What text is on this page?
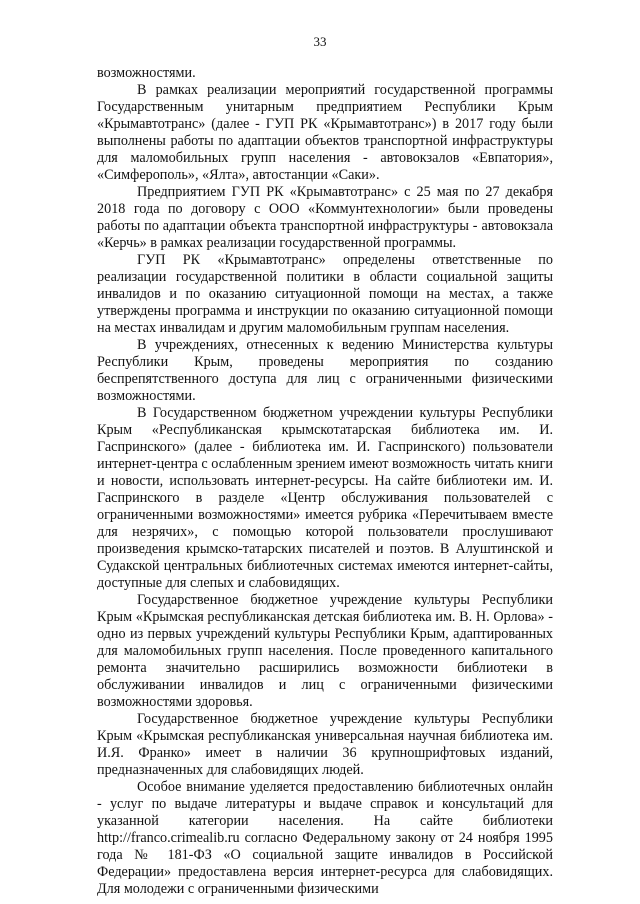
33

возможностями.

В рамках реализации мероприятий государственной программы Государственным унитарным предприятием Республики Крым «Крымавтотранс» (далее - ГУП РК «Крымавтотранс») в 2017 году были выполнены работы по адаптации объектов транспортной инфраструктуры для маломобильных групп населения - автовокзалов «Евпатория», «Симферополь», «Ялта», автостанции «Саки».

Предприятием ГУП РК «Крымавтотранс» с 25 мая по 27 декабря 2018 года по договору с ООО «Коммунтехнологии» были проведены работы по адаптации объекта транспортной инфраструктуры - автовокзала «Керчь» в рамках реализации государственной программы.

ГУП РК «Крымавтотранс» определены ответственные по реализации государственной политики в области социальной защиты инвалидов и по оказанию ситуационной помощи на местах, а также утверждены программа и инструкции по оказанию ситуационной помощи на местах инвалидам и другим маломобильным группам населения.

В учреждениях, отнесенных к ведению Министерства культуры Республики Крым, проведены мероприятия по созданию беспрепятственного доступа для лиц с ограниченными физическими возможностями.

В Государственном бюджетном учреждении культуры Республики Крым «Республиканская крымскотатарская библиотека им. И. Гаспринского» (далее - библиотека им. И. Гаспринского) пользователи интернет-центра с ослабленным зрением имеют возможность читать книги и новости, использовать интернет-ресурсы. На сайте библиотеки им. И. Гаспринского в разделе «Центр обслуживания пользователей с ограниченными возможностями» имеется рубрика «Перечитываем вместе для незрячих», с помощью которой пользователи прослушивают произведения крымско-татарских писателей и поэтов. В Алуштинской и Судакской центральных библиотечных системах имеются интернет-сайты, доступные для слепых и слабовидящих.

Государственное бюджетное учреждение культуры Республики Крым «Крымская республиканская детская библиотека им. В. Н. Орлова» - одно из первых учреждений культуры Республики Крым, адаптированных для маломобильных групп населения. После проведенного капитального ремонта значительно расширились возможности библиотеки в обслуживании инвалидов и лиц с ограниченными физическими возможностями здоровья.

Государственное бюджетное учреждение культуры Республики Крым «Крымская республиканская универсальная научная библиотека им. И.Я. Франко» имеет в наличии 36 крупношрифтовых изданий, предназначенных для слабовидящих людей.

Особое внимание уделяется предоставлению библиотечных онлайн - услуг по выдаче литературы и выдаче справок и консультаций для указанной категории населения. На сайте библиотеки http://franco.crimealib.ru согласно Федеральному закону от 24 ноября 1995 года № 181-ФЗ «О социальной защите инвалидов в Российской Федерации» предоставлена версия интернет-ресурса для слабовидящих. Для молодежи с ограниченными физическими
